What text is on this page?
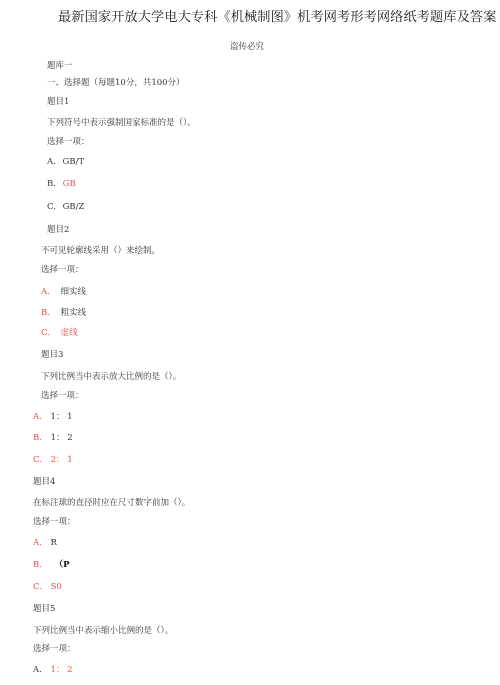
最新国家开放大学电大专科《机械制图》机考网考形考网络纸考题库及答案
盗传必究
题库一
一、选择题（每题10分，共100分）
题目1
下列符号中表示强制国家标准的是（）。
选择一项：
A. GB/T
B. GB
C. GB/Z
题目2
不可见轮廓线采用（）来绘制。
选择一项：
A. 细实线
B. 粗实线
C. 虚线
题目3
下列比例当中表示放大比例的是（）。
选择一项：
A. 1： 1
B. 1： 2
C. 2： 1
题目4
在标注球的直径时应在尺寸数字前加（）。
选择一项：
A. R
B. （P
C. S0
题目5
下列比例当中表示缩小比例的是（）。
选择一项：
A. 1： 2
